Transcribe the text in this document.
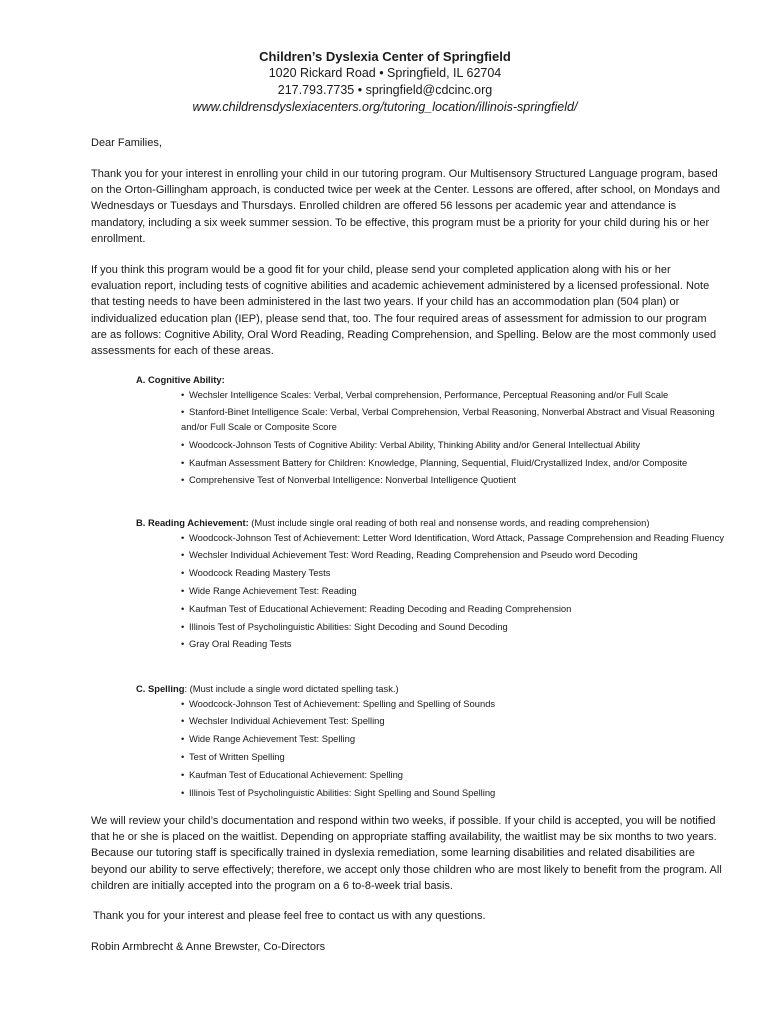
Children’s Dyslexia Center of Springfield
1020 Rickard Road • Springfield, IL 62704
217.793.7735 • springfield@cdcinc.org
www.childrensdyslexiacenters.org/tutoring_location/illinois-springfield/

Dear Families,

Thank you for your interest in enrolling your child in our tutoring program. Our Multisensory Structured Language program, based on the Orton-Gillingham approach, is conducted twice per week at the Center. Lessons are offered, after school, on Mondays and Wednesdays or Tuesdays and Thursdays. Enrolled children are offered 56 lessons per academic year and attendance is mandatory, including a six week summer session. To be effective, this program must be a priority for your child during his or her enrollment.

If you think this program would be a good fit for your child, please send your completed application along with his or her evaluation report, including tests of cognitive abilities and academic achievement administered by a licensed professional. Note that testing needs to have been administered in the last two years. If your child has an accommodation plan (504 plan) or individualized education plan (IEP), please send that, too. The four required areas of assessment for admission to our program are as follows: Cognitive Ability, Oral Word Reading, Reading Comprehension, and Spelling. Below are the most commonly used assessments for each of these areas.

A. Cognitive Ability:
• Wechsler Intelligence Scales: Verbal, Verbal comprehension, Performance, Perceptual Reasoning and/or Full Scale
• Stanford-Binet Intelligence Scale: Verbal, Verbal Comprehension, Verbal Reasoning, Nonverbal Abstract and Visual Reasoning and/or Full Scale or Composite Score
• Woodcock-Johnson Tests of Cognitive Ability: Verbal Ability, Thinking Ability and/or General Intellectual Ability
• Kaufman Assessment Battery for Children: Knowledge, Planning, Sequential, Fluid/Crystallized Index, and/or Composite
• Comprehensive Test of Nonverbal Intelligence: Nonverbal Intelligence Quotient
B. Reading Achievement: (Must include single oral reading of both real and nonsense words, and reading comprehension)
• Woodcock-Johnson Test of Achievement: Letter Word Identification, Word Attack, Passage Comprehension and Reading Fluency
• Wechsler Individual Achievement Test: Word Reading, Reading Comprehension and Pseudo word Decoding
• Woodcock Reading Mastery Tests
• Wide Range Achievement Test: Reading
• Kaufman Test of Educational Achievement: Reading Decoding and Reading Comprehension
• Illinois Test of Psycholinguistic Abilities: Sight Decoding and Sound Decoding
• Gray Oral Reading Tests
C. Spelling: (Must include a single word dictated spelling task.)
• Woodcock-Johnson Test of Achievement: Spelling and Spelling of Sounds
• Wechsler Individual Achievement Test: Spelling
• Wide Range Achievement Test: Spelling
• Test of Written Spelling
• Kaufman Test of Educational Achievement: Spelling
• Illinois Test of Psycholinguistic Abilities: Sight Spelling and Sound Spelling

We will review your child’s documentation and respond within two weeks, if possible. If your child is accepted, you will be notified that he or she is placed on the waitlist. Depending on appropriate staffing availability, the waitlist may be six months to two years. Because our tutoring staff is specifically trained in dyslexia remediation, some learning disabilities and related disabilities are beyond our ability to serve effectively; therefore, we accept only those children who are most likely to benefit from the program. All children are initially accepted into the program on a 6 to-8-week trial basis.

Thank you for your interest and please feel free to contact us with any questions.

Robin Armbrecht & Anne Brewster, Co-Directors
